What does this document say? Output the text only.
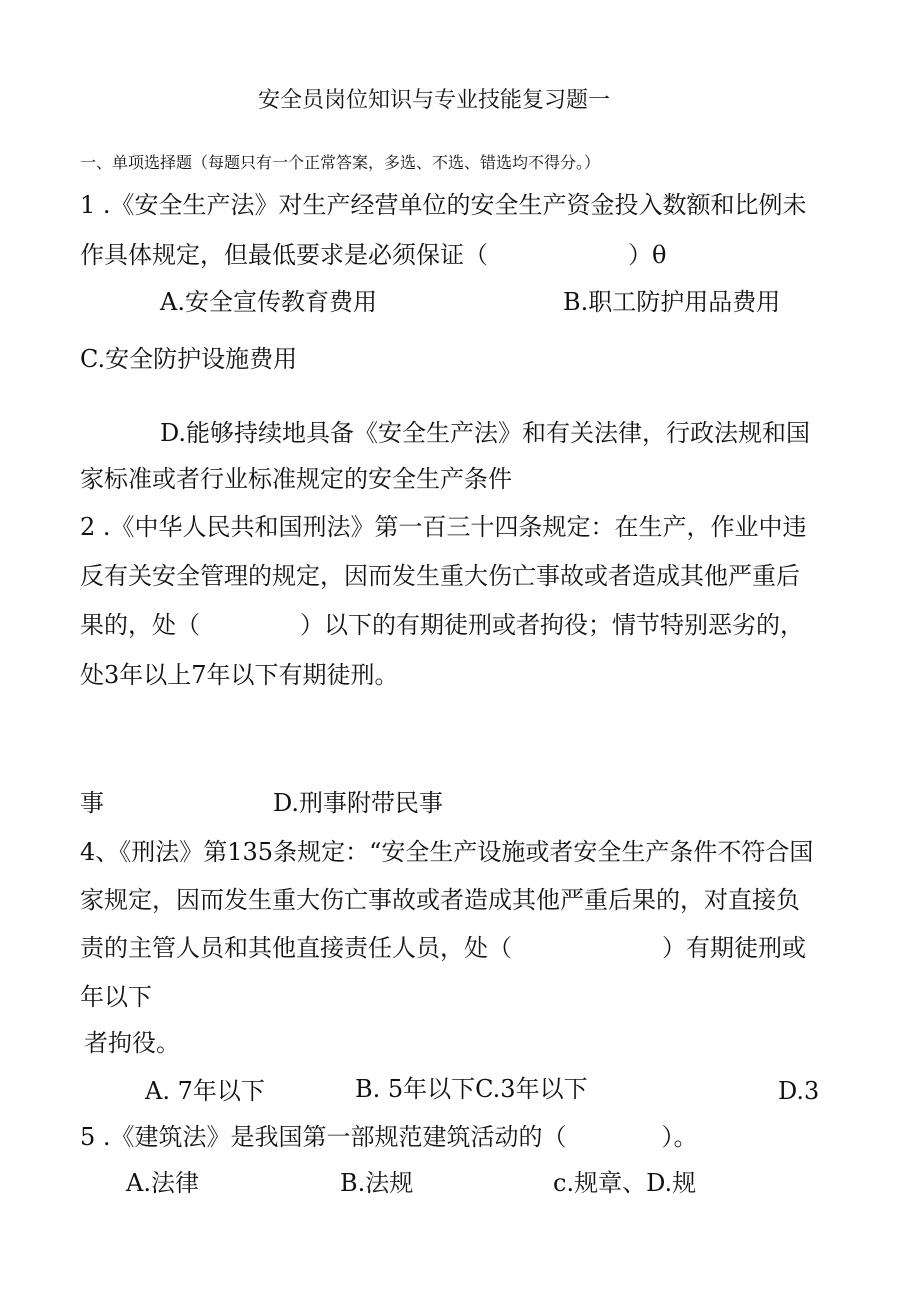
安全员岗位知识与专业技能复习题一
一、单项选择题（每题只有一个正常答案，多选、不选、错选均不得分。）
1 .《安全生产法》对生产经营单位的安全生产资金投入数额和比例未
作具体规定，但最低要求是必须保证（	）θ
A.安全宣传教育费用	B.职工防护用品费用
C.安全防护设施费用
D.能够持续地具备《安全生产法》和有关法律，行政法规和国
家标准或者行业标准规定的安全生产条件
2 .《中华人民共和国刑法》第一百三十四条规定：在生产，作业中违
反有关安全管理的规定，因而发生重大伤亡事故或者造成其他严重后
果的，处（	）以下的有期徒刑或者拘役；情节特别恶劣的，
处3年以上7年以下有期徒刑。
事	D.刑事附带民事
4、《刑法》第135条规定：“安全生产设施或者安全生产条件不符合国
家规定，因而发生重大伤亡事故或者造成其他严重后果的，对直接负
责的主管人员和其他直接责任人员，处（	）有期徒刑或
年以下
者拘役。
A. 7年以下	B. 5年以下C.3年以下	D.3
5 .《建筑法》是我国第一部规范建筑活动的（	）。
A.法律	B.法规	c.规章、D.规
